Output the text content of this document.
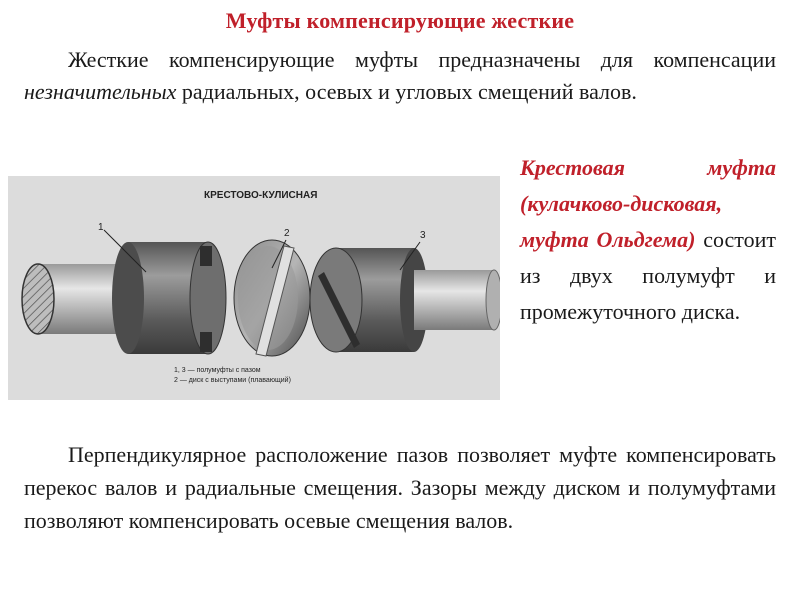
Муфты компенсирующие жесткие

Жесткие компенсирующие муфты предназначены для компенсации незначительных радиальных, осевых и угловых смещений валов.

КРЕСТОВО-КУЛИСНАЯ
1
2	3
1, 3 — полумуфты с пазом
2 — диск с выступами (плавающий)

Крестовая муфта (кулачково-дисковая, муфта Ольдгема) состоит из двух полумуфт и промежуточного диска.

Перпендикулярное расположение пазов позволяет муфте компенсировать перекос валов и радиальные смещения. Зазоры между диском и полумуфтами позволяют компенсировать осевые смещения валов.
